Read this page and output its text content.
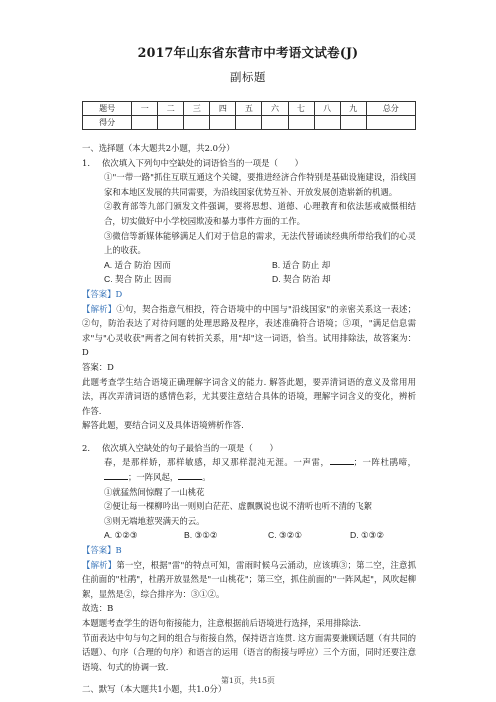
2017年山东省东营市中考语文试卷(J)
副标题
题号	一	二	三	四	五	六	七	八	九	总分
得分										

一、选择题（本大题共2小题，共2.0分）

1.	依次填入下列句中空缺处的词语恰当的一项是（　　）

①"一带一路"抓住互联互通这个关键，要推进经济合作特别是基础设施建设，沿线国家和本地区发展的共同需要，为沿线国家优势互补、开放发展创造崭新的机遇。

②教育部等九部门颁发文件强调，要将思想、道德、心理教育和依法惩戒威慑相结合，切实做好中小学校园欺凌和暴力事件方面的工作。

③微信等新媒体能够满足人们对于信息的需求，无法代替诵读经典所带给我们的心灵上的收获。

A. 适合 防治 因而	B. 适合 防止 却
C. 契合 防止 因而	D. 契合 防治 却

【答案】D

【解析】①句，契合指意气相投，符合语境中的中国与"沿线国家"的亲密关系这一表述；②句，防治表达了对待问题的处理思路及程序，表述准确符合语境；③项，"满足信息需求"与"心灵收获"两者之间有转折关系，用"却"这一词语，恰当。试用排除法，故答案为：D

答案：D

此题考查学生结合语境正确理解字词含义的能力. 解答此题，要弄清词语的意义及常用用法，再次弄清词语的感情色彩，尤其要注意结合具体的语境，理解字词含义的变化，辨析作答.

解答此题，要结合词义及具体语境辨析作答.

2.	依次填入空缺处的句子最恰当的一项是（　　）

春，是那样娇，那样敏感，却又那样混沌无涯。一声雷，	；一阵杜鹃啼，；一阵风起，	。

①就猛然间惊醒了一山桃花

②便让每一棵柳吟出一则则白茫茫、虚飘飘说也说不清听也听不清的飞絮

③则无端地惹哭满天的云。

A. ①②③	B. ③①②	C. ③②①	D. ①③②

【答案】B

【解析】第一空，根据"雷"的特点可知，雷雨时候乌云涌动，应该填③；第二空，注意抓住前面的"杜鹃"，杜鹃开放显然是"一山桃花"；第三空，抓住前面的"一阵风起"，风吹起柳絮，显然是②，综合排序为：③①②。

故选：B

本题题考查学生的语句衔接能力，注意根据前后语境进行选择，采用排除法.

节面表达中句与句之间的组合与衔接自然，保持语言连贯. 这方面需要兼顾话题（有共同的话题）、句序（合理的句序）和语言的运用（语言的衔接与呼应）三个方面，同时还要注意语境、句式的协调一致.

二、默写（本大题共1小题，共1.0分）

第1页，共15页
